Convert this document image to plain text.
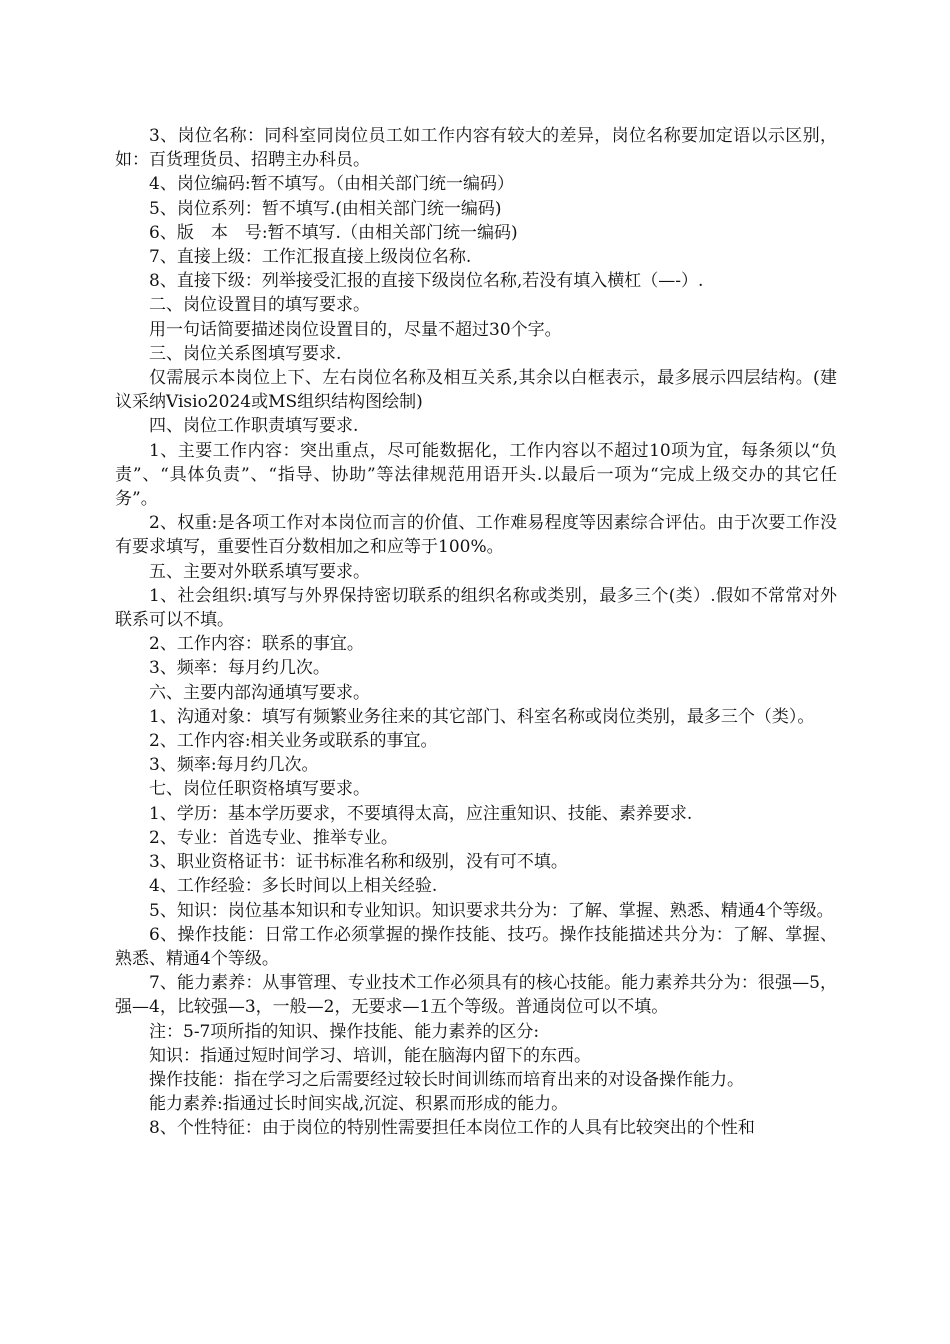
3、岗位名称：同科室同岗位员工如工作内容有较大的差异，岗位名称要加定语以示区别，如：百货理货员、招聘主办科员。

4、岗位编码:暂不填写。（由相关部门统一编码）

5、岗位系列：暂不填写.(由相关部门统一编码)

6、版　本　号:暂不填写.（由相关部门统一编码)

7、直接上级：工作汇报直接上级岗位名称.

8、直接下级：列举接受汇报的直接下级岗位名称,若没有填入横杠（—-）.

二、岗位设置目的填写要求。

用一句话简要描述岗位设置目的，尽量不超过30个字。

三、岗位关系图填写要求.

仅需展示本岗位上下、左右岗位名称及相互关系,其余以白框表示，最多展示四层结构。(建议采纳Visio2024或MS组织结构图绘制)

四、岗位工作职责填写要求.

1、主要工作内容：突出重点，尽可能数据化，工作内容以不超过10项为宜，每条须以“负责”、“具体负责”、“指导、协助”等法律规范用语开头.以最后一项为“完成上级交办的其它任务”。

2、权重:是各项工作对本岗位而言的价值、工作难易程度等因素综合评估。由于次要工作没有要求填写，重要性百分数相加之和应等于100%。

五、主要对外联系填写要求。

1、社会组织:填写与外界保持密切联系的组织名称或类别，最多三个(类）.假如不常常对外联系可以不填。

2、工作内容：联系的事宜。

3、频率：每月约几次。

六、主要内部沟通填写要求。

1、沟通对象：填写有频繁业务往来的其它部门、科室名称或岗位类别，最多三个（类）。

2、工作内容:相关业务或联系的事宜。

3、频率:每月约几次。

七、岗位任职资格填写要求。

1、学历：基本学历要求，不要填得太高，应注重知识、技能、素养要求.

2、专业：首选专业、推举专业。

3、职业资格证书：证书标准名称和级别，没有可不填。

4、工作经验：多长时间以上相关经验.

5、知识：岗位基本知识和专业知识。知识要求共分为：了解、掌握、熟悉、精通4个等级。

6、操作技能：日常工作必须掌握的操作技能、技巧。操作技能描述共分为：了解、掌握、熟悉、精通4个等级。

7、能力素养：从事管理、专业技术工作必须具有的核心技能。能力素养共分为：很强—5，强—4，比较强—3，一般—2，无要求—1五个等级。普通岗位可以不填。

注：5-7项所指的知识、操作技能、能力素养的区分:

知识：指通过短时间学习、培训，能在脑海内留下的东西。

操作技能：指在学习之后需要经过较长时间训练而培育出来的对设备操作能力。

能力素养:指通过长时间实战,沉淀、积累而形成的能力。

8、个性特征：由于岗位的特别性需要担任本岗位工作的人具有比较突出的个性和
